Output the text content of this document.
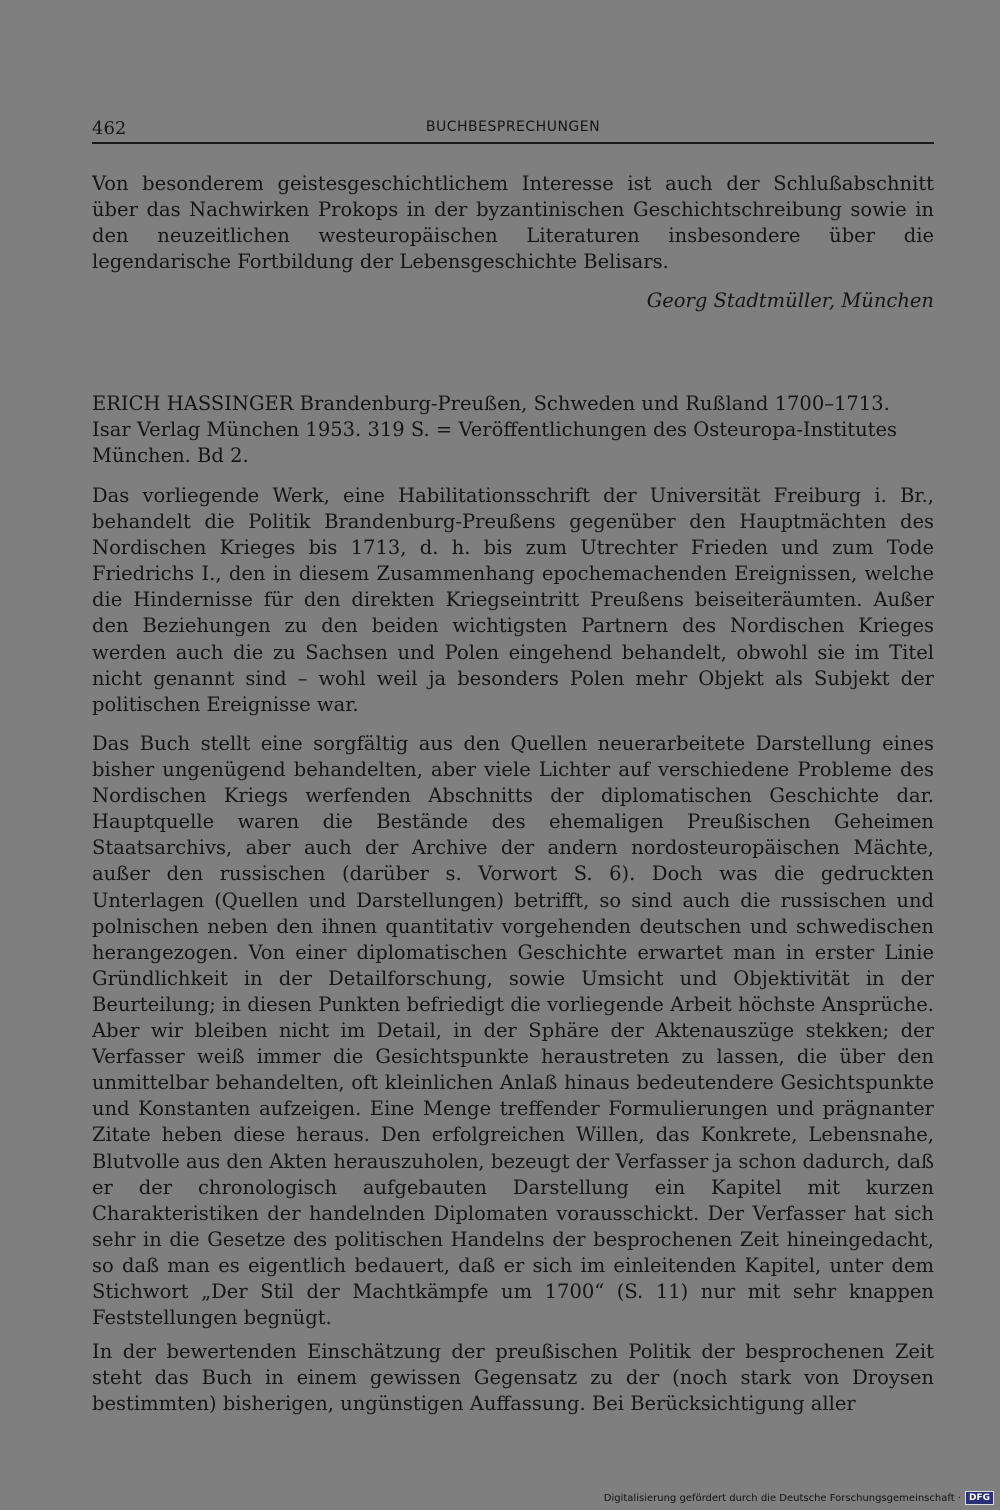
462	BUCHBESPRECHUNGEN

Von besonderem geistesgeschichtlichem Interesse ist auch der Schlußabschnitt über das Nachwirken Prokops in der byzantinischen Geschichtschreibung sowie in den neuzeitlichen westeuropäischen Literaturen insbesondere über die legendarische Fortbildung der Lebensgeschichte Belisars.

Georg Stadtmüller, München

ERICH HASSINGER Brandenburg-Preußen, Schweden und Rußland 1700–1713. Isar Verlag München 1953. 319 S. = Veröffentlichungen des Osteuropa-Institutes München. Bd 2.

Das vorliegende Werk, eine Habilitationsschrift der Universität Freiburg i. Br., behandelt die Politik Brandenburg-Preußens gegenüber den Hauptmächten des Nordischen Krieges bis 1713, d. h. bis zum Utrechter Frieden und zum Tode Friedrichs I., den in diesem Zusammenhang epochemachenden Ereignissen, welche die Hindernisse für den direkten Kriegseintritt Preußens beiseiteräumten. Außer den Beziehungen zu den beiden wichtigsten Partnern des Nordischen Krieges werden auch die zu Sachsen und Polen eingehend behandelt, obwohl sie im Titel nicht genannt sind – wohl weil ja besonders Polen mehr Objekt als Subjekt der politischen Ereignisse war.

Das Buch stellt eine sorgfältig aus den Quellen neuerarbeitete Darstellung eines bisher ungenügend behandelten, aber viele Lichter auf verschiedene Probleme des Nordischen Kriegs werfenden Abschnitts der diplomatischen Geschichte dar. Hauptquelle waren die Bestände des ehemaligen Preußischen Geheimen Staatsarchivs, aber auch der Archive der andern nordosteuropäischen Mächte, außer den russischen (darüber s. Vorwort S. 6). Doch was die gedruckten Unterlagen (Quellen und Darstellungen) betrifft, so sind auch die russischen und polnischen neben den ihnen quantitativ vorgehenden deutschen und schwedischen herangezogen. Von einer diplomatischen Geschichte erwartet man in erster Linie Gründlichkeit in der Detailforschung, sowie Umsicht und Objektivität in der Beurteilung; in diesen Punkten befriedigt die vorliegende Arbeit höchste Ansprüche. Aber wir bleiben nicht im Detail, in der Sphäre der Aktenauszüge stekken; der Verfasser weiß immer die Gesichtspunkte heraustreten zu lassen, die über den unmittelbar behandelten, oft kleinlichen Anlaß hinaus bedeutendere Gesichtspunkte und Konstanten aufzeigen. Eine Menge treffender Formulierungen und prägnanter Zitate heben diese heraus. Den erfolgreichen Willen, das Konkrete, Lebensnahe, Blutvolle aus den Akten herauszuholen, bezeugt der Verfasser ja schon dadurch, daß er der chronologisch aufgebauten Darstellung ein Kapitel mit kurzen Charakteristiken der handelnden Diplomaten vorausschickt. Der Verfasser hat sich sehr in die Gesetze des politischen Handelns der besprochenen Zeit hineingedacht, so daß man es eigentlich bedauert, daß er sich im einleitenden Kapitel, unter dem Stichwort „Der Stil der Machtkämpfe um 1700“ (S. 11) nur mit sehr knappen Feststellungen begnügt.

In der bewertenden Einschätzung der preußischen Politik der besprochenen Zeit steht das Buch in einem gewissen Gegensatz zu der (noch stark von Droysen bestimmten) bisherigen, ungünstigen Auffassung. Bei Berücksichtigung aller

Digitalisierung gefördert durch die Deutsche Forschungsgemeinschaft · DFG
